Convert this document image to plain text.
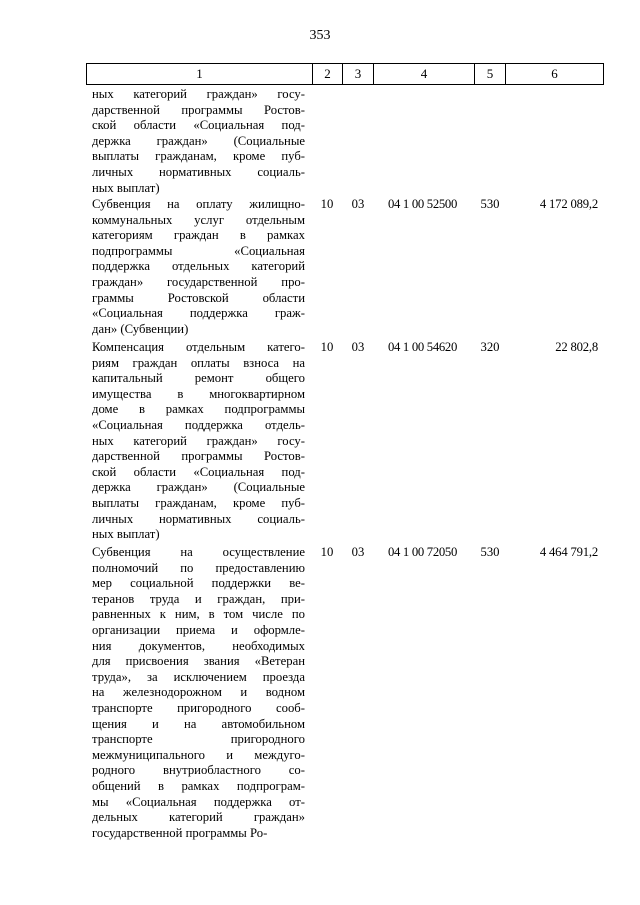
353
1	2	3	4	5	6
ных категорий граждан» госу-
дарственной программы Ростов-
ской области «Социальная под-
держка граждан» (Социальные
выплаты гражданам, кроме пуб-
личных нормативных социаль-
ных выплат)
Субвенция на оплату жилищно-
коммунальных услуг отдельным
категориям граждан в рамках
подпрограммы «Социальная
поддержка отдельных категорий
граждан» государственной про-
граммы Ростовской области
«Социальная поддержка граж-
дан» (Субвенции)
10	03	04 1 00 52500	530	4 172 089,2
Компенсация отдельным катего-
риям граждан оплаты взноса на
капитальный ремонт общего
имущества в многоквартирном
доме в рамках подпрограммы
«Социальная поддержка отдель-
ных категорий граждан» госу-
дарственной программы Ростов-
ской области «Социальная под-
держка граждан» (Социальные
выплаты гражданам, кроме пуб-
личных нормативных социаль-
ных выплат)
10	03	04 1 00 54620	320	22 802,8
Субвенция на осуществление
полномочий по предоставлению
мер социальной поддержки ве-
теранов труда и граждан, при-
равненных к ним, в том числе по
организации приема и оформле-
ния документов, необходимых
для присвоения звания «Ветеран
труда», за исключением проезда
на железнодорожном и водном
транспорте пригородного сооб-
щения и на автомобильном
транспорте пригородного
межмуниципального и междуго-
родного внутриобластного со-
общений в рамках подпрограм-
мы «Социальная поддержка от-
дельных категорий граждан»
государственной программы Ро-
10	03	04 1 00 72050	530	4 464 791,2
